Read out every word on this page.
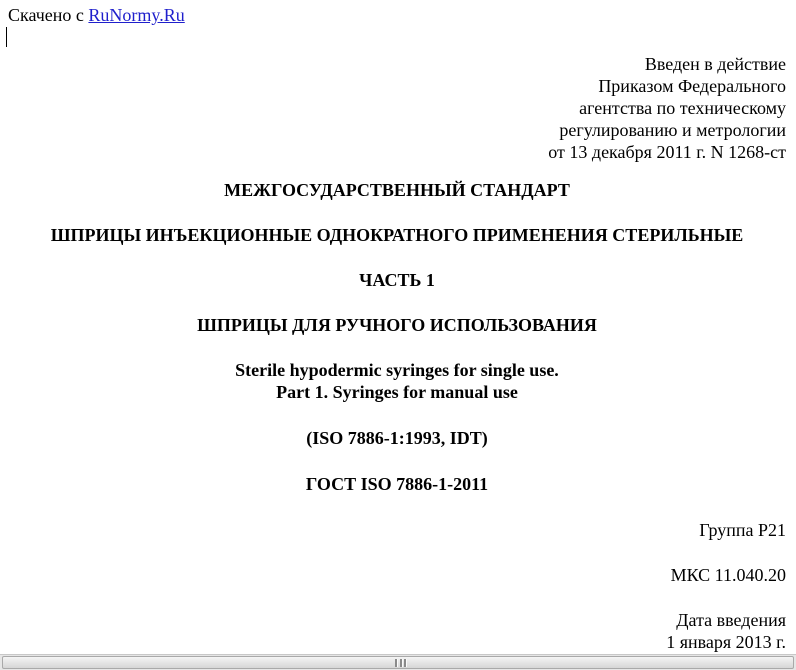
Скачено с RuNormy.Ru
Введен в действие
Приказом Федерального
агентства по техническому
регулированию и метрологии
от 13 декабря 2011 г. N 1268-ст
МЕЖГОСУДАРСТВЕННЫЙ СТАНДАРТ
ШПРИЦЫ ИНЪЕКЦИОННЫЕ ОДНОКРАТНОГО ПРИМЕНЕНИЯ СТЕРИЛЬНЫЕ
ЧАСТЬ 1
ШПРИЦЫ ДЛЯ РУЧНОГО ИСПОЛЬЗОВАНИЯ
Sterile hypodermic syringes for single use.
Part 1. Syringes for manual use
(ISO 7886-1:1993, IDT)
ГОСТ ISO 7886-1-2011
Группа Р21
МКС 11.040.20
Дата введения
1 января 2013 г.
